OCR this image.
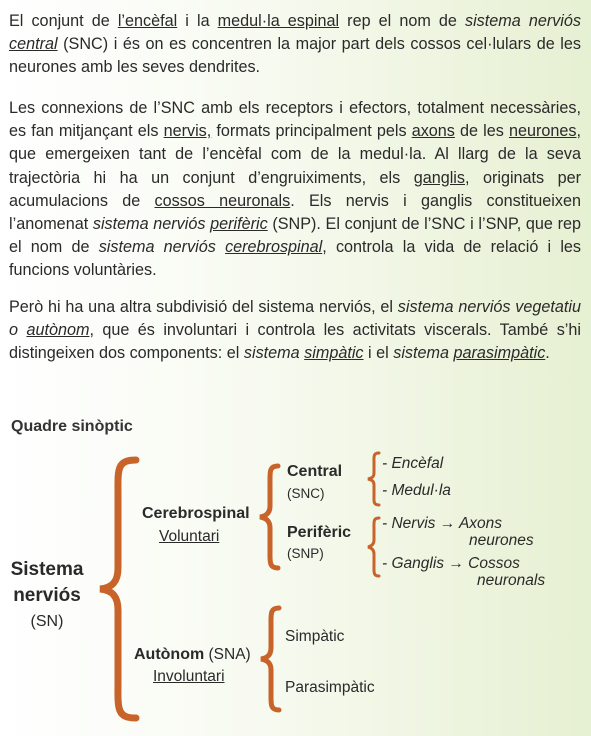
El conjunt de l’encèfal i la medul·la espinal rep el nom de sistema nerviós central (SNC) i és on es concentren la major part dels cossos cel·lulars de les neurones amb les seves dendrites.

Les connexions de l’SNC amb els receptors i efectors, totalment necessàries, es fan mitjançant els nervis, formats principalment pels axons de les neurones, que emergeixen tant de l’encèfal com de la medul·la. Al llarg de la seva trajectòria hi ha un conjunt d’engruiximents, els ganglis, originats per acumulacions de cossos neuronals. Els nervis i ganglis constitueixen l’anomenat sistema nerviós perifèric (SNP). El conjunt de l’SNC i l’SNP, que rep el nom de sistema nerviós cerebrospinal, controla la vida de relació i les funcions voluntàries.

Però hi ha una altra subdivisió del sistema nerviós, el sistema nerviós vegetatiu o autònom, que és involuntari i controla les activitats viscerals. També s’hi distingeixen dos components: el sistema simpàtic i el sistema parasimpàtic.

Quadre sinòptic
Sistema
nerviós
(SN)
Cerebrospinal
Voluntari
Autònom (SNA)
Involuntari
Central
(SNC)
Perifèric
(SNP)
Simpàtic
Parasimpàtic
- Encèfal
- Medul·la
- Nervis → Axons
neurones
- Ganglis → Cossos
neuronals
